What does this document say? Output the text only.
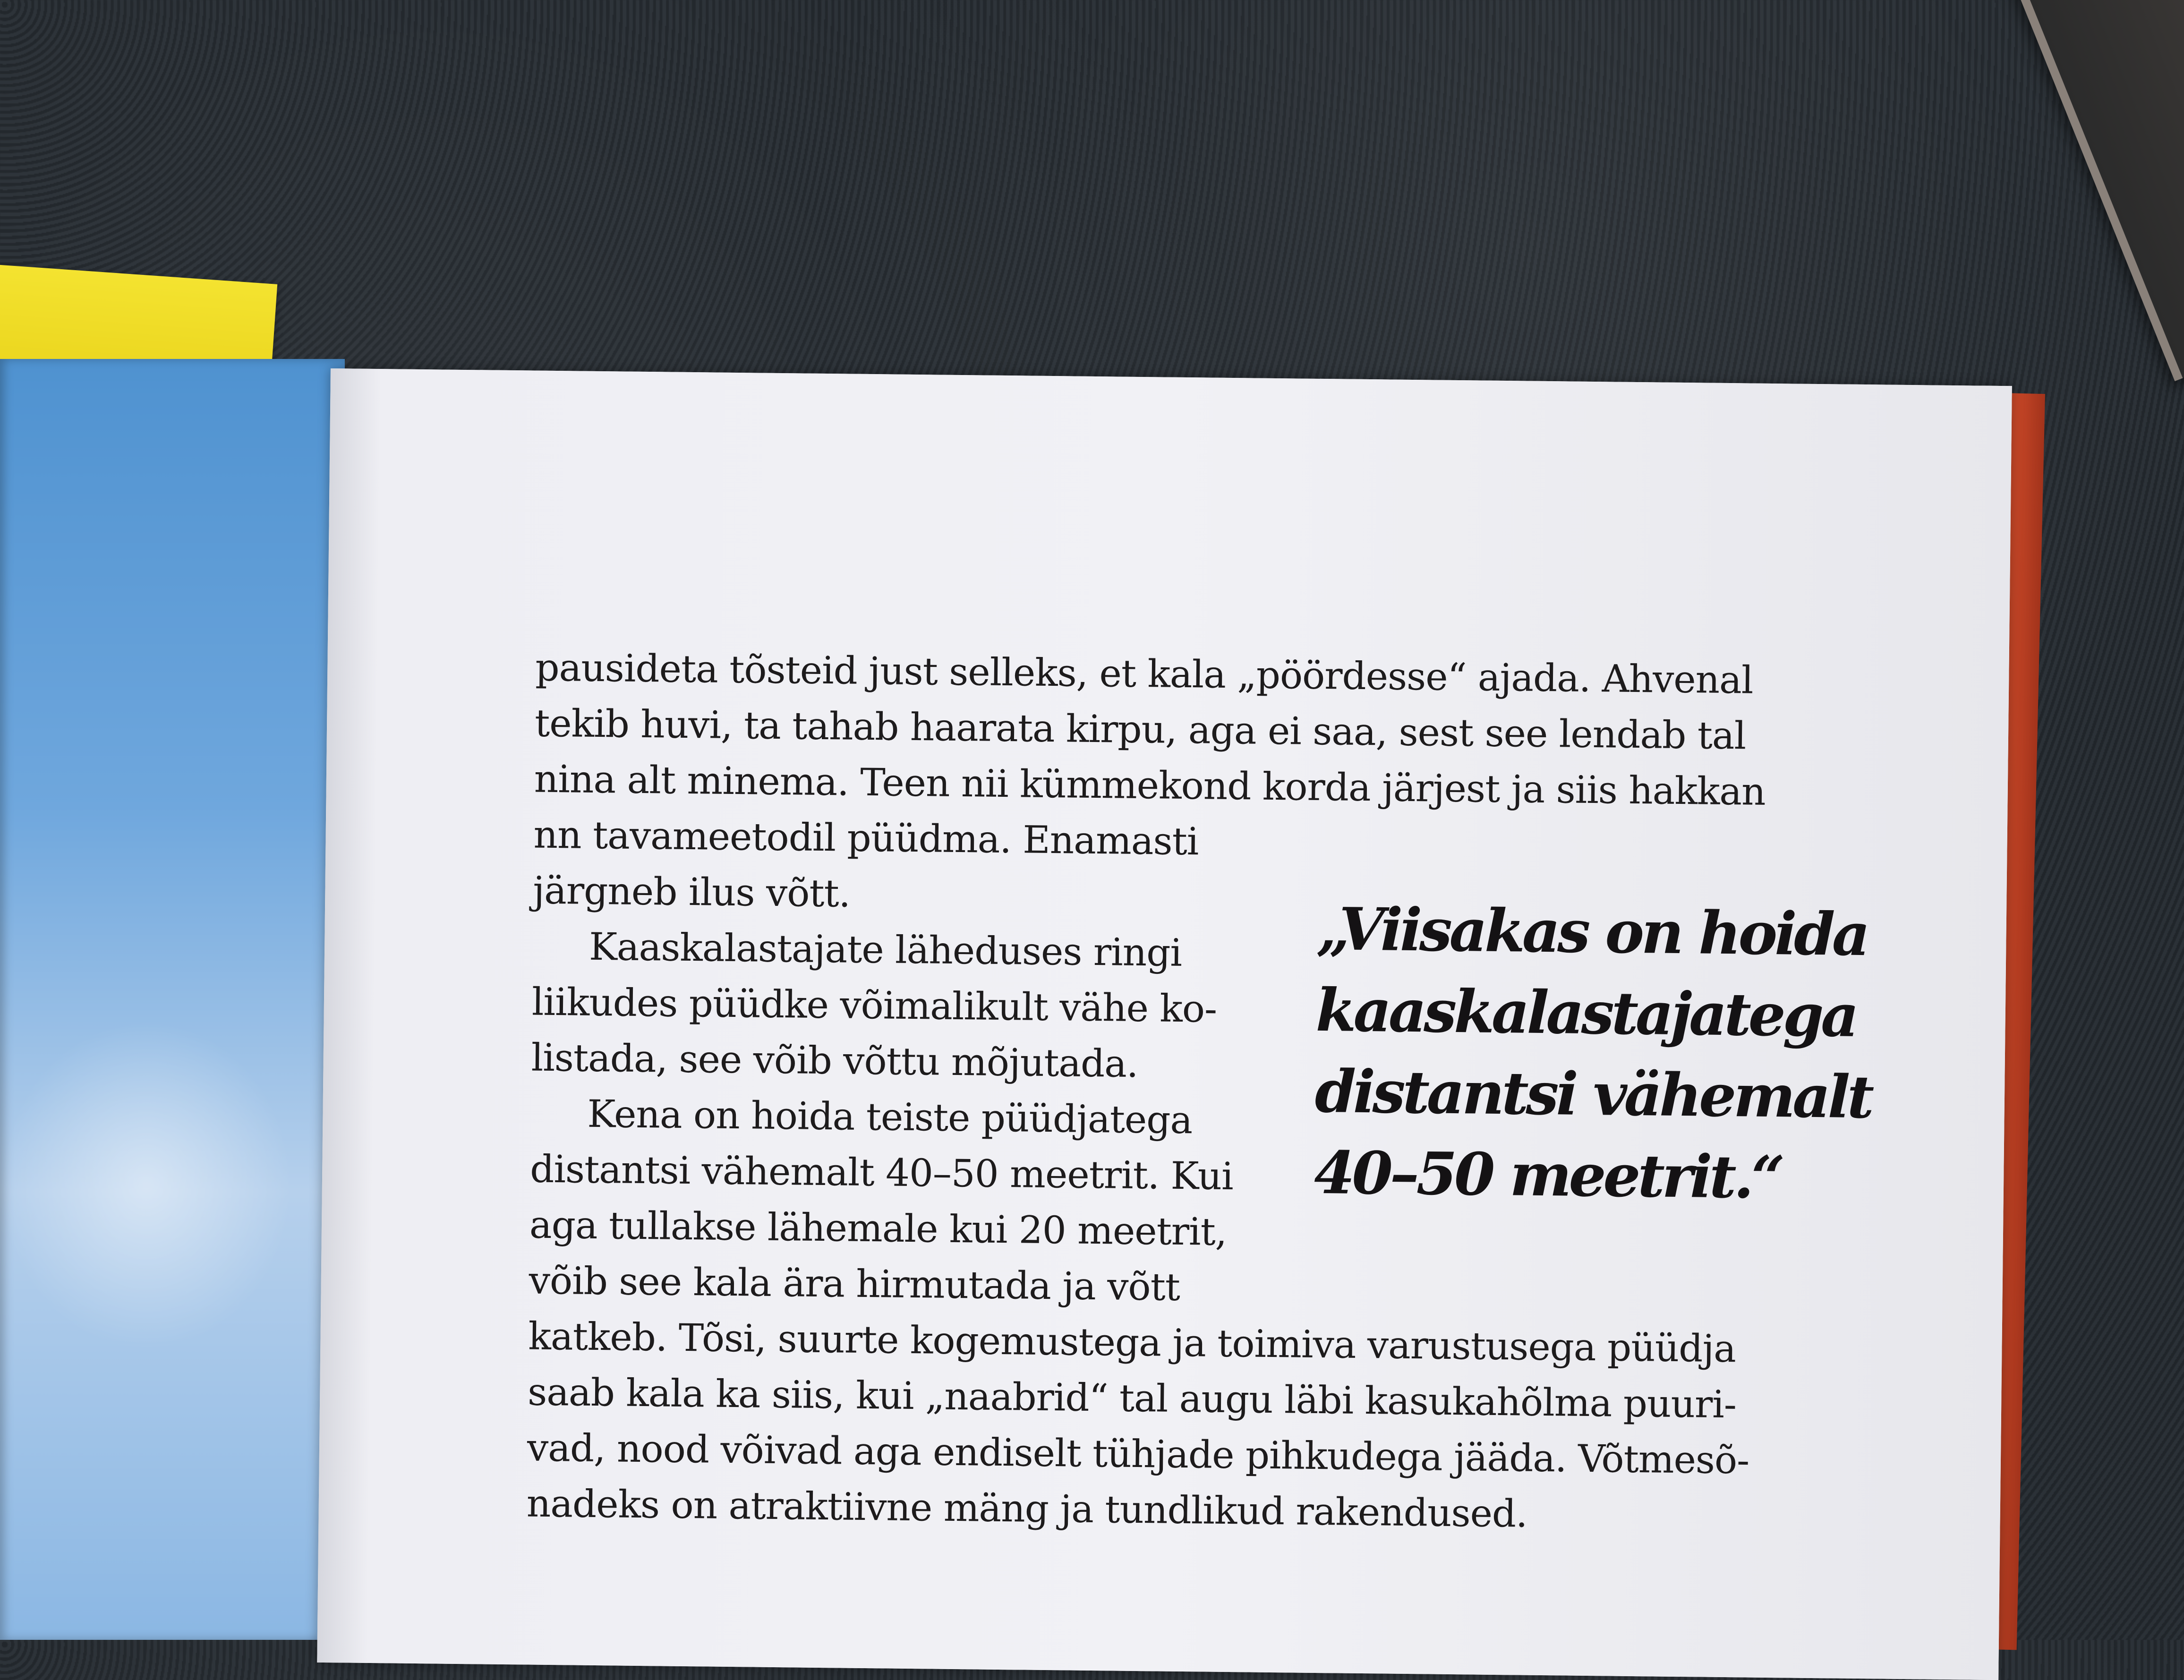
pausideta tõsteid just selleks, et kala „pöördesse“ ajada. Ahvenal
tekib huvi, ta tahab haarata kirpu, aga ei saa, sest see lendab tal
nina alt minema. Teen nii kümmekond korda järjest ja siis hakkan
nn tavameetodil püüdma. Enamasti
järgneb ilus võtt.
Kaaskalastajate läheduses ringi
liikudes püüdke võimalikult vähe ko-
listada, see võib võttu mõjutada.
Kena on hoida teiste püüdjatega
distantsi vähemalt 40–50 meetrit. Kui
aga tullakse lähemale kui 20 meetrit,
võib see kala ära hirmutada ja võtt
katkeb. Tõsi, suurte kogemustega ja toimiva varustusega püüdja
saab kala ka siis, kui „naabrid“ tal augu läbi kasukahõlma puuri-
vad, nood võivad aga endiselt tühjade pihkudega jääda. Võtmesõ-
nadeks on atraktiivne mäng ja tundlikud rakendused.
„Viisakas on hoida
kaaskalastajatega
distantsi vähemalt
40–50 meetrit.“
